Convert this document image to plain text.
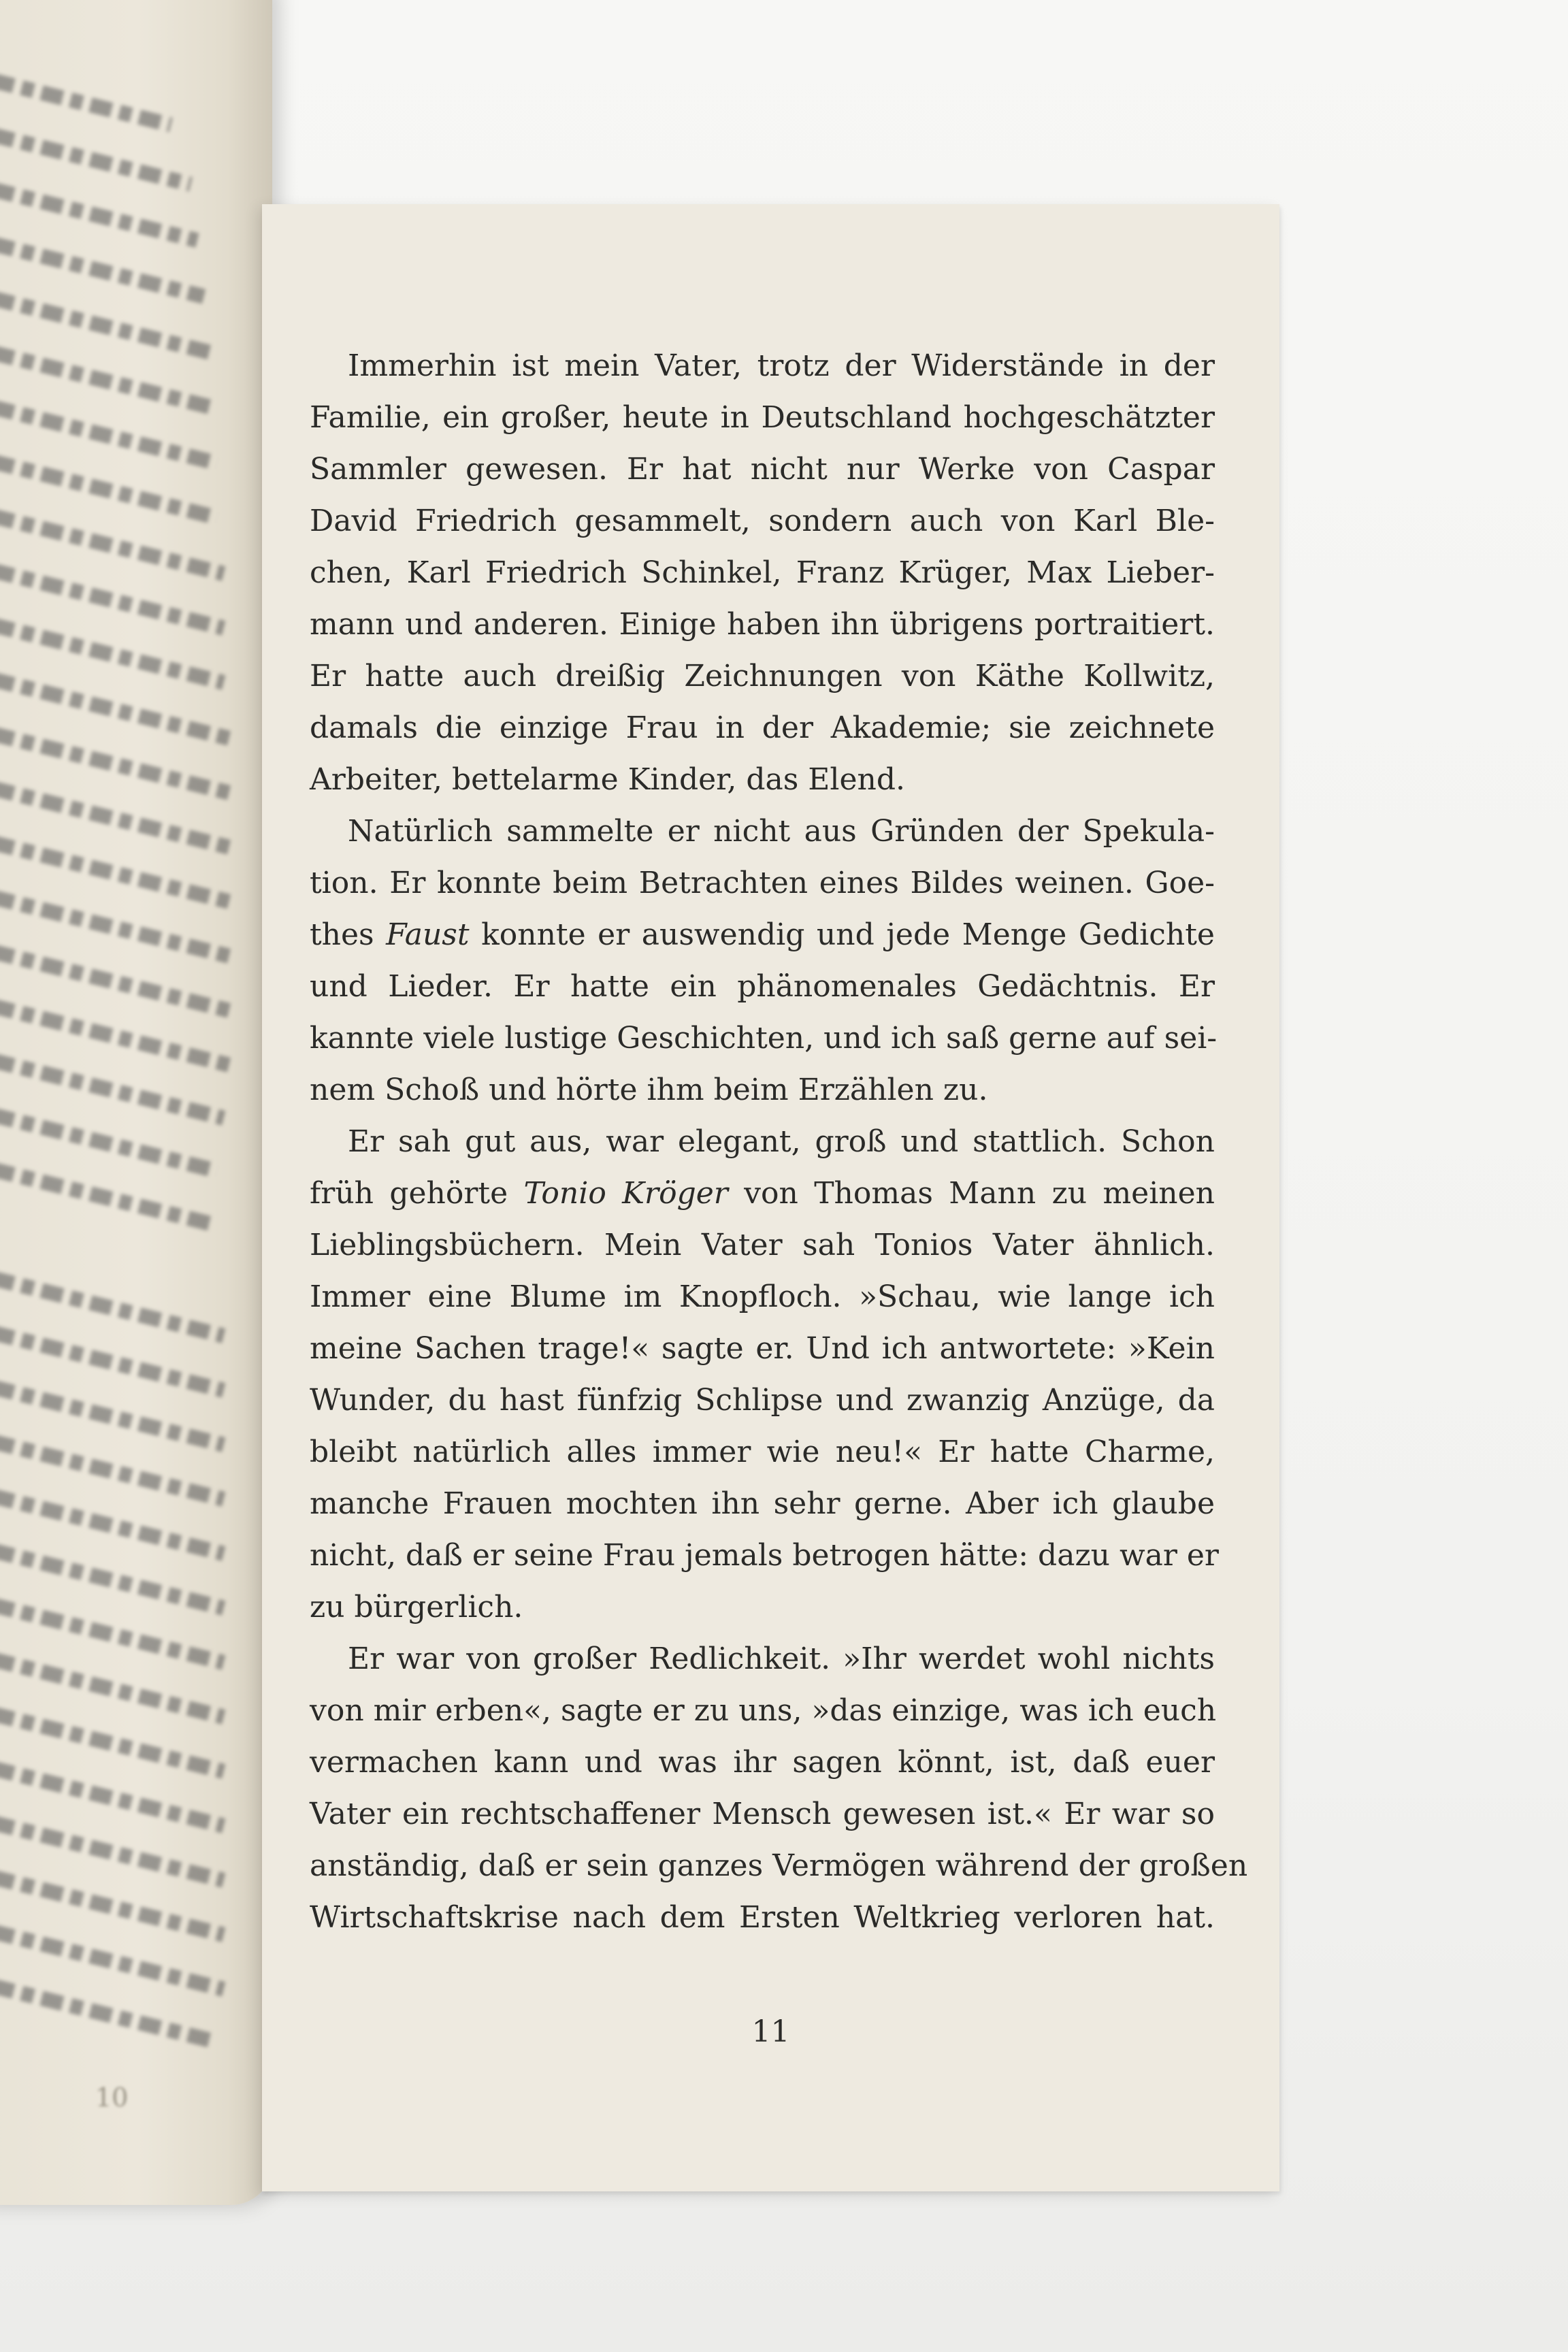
10

Immerhin ist mein Vater, trotz der Widerstände in der

Familie, ein großer, heute in Deutschland hochgeschätzter

Sammler gewesen. Er hat nicht nur Werke von Caspar

David Friedrich gesammelt, sondern auch von Karl Ble-

chen, Karl Friedrich Schinkel, Franz Krüger, Max Lieber-

mann und anderen. Einige haben ihn übrigens portraitiert.

Er hatte auch dreißig Zeichnungen von Käthe Kollwitz,

damals die einzige Frau in der Akademie; sie zeichnete

Arbeiter, bettelarme Kinder, das Elend.

Natürlich sammelte er nicht aus Gründen der Spekula-

tion. Er konnte beim Betrachten eines Bildes weinen. Goe-

thes Faust konnte er auswendig und jede Menge Gedichte

und Lieder. Er hatte ein phänomenales Gedächtnis. Er

kannte viele lustige Geschichten, und ich saß gerne auf sei-

nem Schoß und hörte ihm beim Erzählen zu.

Er sah gut aus, war elegant, groß und stattlich. Schon

früh gehörte Tonio Kröger von Thomas Mann zu meinen

Lieblingsbüchern. Mein Vater sah Tonios Vater ähnlich.

Immer eine Blume im Knopfloch. »Schau, wie lange ich

meine Sachen trage!« sagte er. Und ich antwortete: »Kein

Wunder, du hast fünfzig Schlipse und zwanzig Anzüge, da

bleibt natürlich alles immer wie neu!« Er hatte Charme,

manche Frauen mochten ihn sehr gerne. Aber ich glaube

nicht, daß er seine Frau jemals betrogen hätte: dazu war er

zu bürgerlich.

Er war von großer Redlichkeit. »Ihr werdet wohl nichts

von mir erben«, sagte er zu uns, »das einzige, was ich euch

vermachen kann und was ihr sagen könnt, ist, daß euer

Vater ein rechtschaffener Mensch gewesen ist.« Er war so

anständig, daß er sein ganzes Vermögen während der großen

Wirtschaftskrise nach dem Ersten Weltkrieg verloren hat.

11
